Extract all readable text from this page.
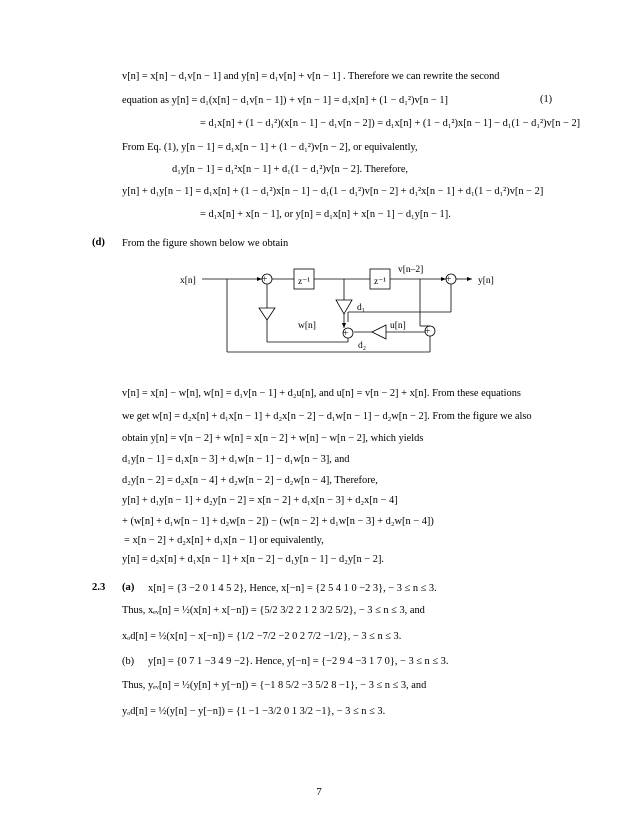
v[n] = x[n] − d₁v[n − 1] and y[n] = d₁v[n] + v[n − 1] . Therefore we can rewrite the second
equation as y[n] = d₁(x[n] − d₁v[n − 1]) + v[n − 1] = d₁x[n] + (1 − d₁²)v[n − 1]	(1)
= d₁x[n] + (1 − d₁²)(x[n − 1] − d₁v[n − 2]) = d₁x[n] + (1 − d₁²)x[n − 1] − d₁(1 − d₁²)v[n − 2]
From Eq. (1), y[n − 1] = d₁x[n − 1] + (1 − d₁²)v[n − 2], or equivalently,
d₁y[n − 1] = d₁²x[n − 1] + d₁(1 − d₁²)v[n − 2]. Therefore,
y[n] + d₁y[n − 1] = d₁x[n] + (1 − d₁²)x[n − 1] − d₁(1 − d₁²)v[n − 2] + d₁²x[n − 1] + d₁(1 − d₁²)v[n − 2]
= d₁x[n] + x[n − 1], or y[n] = d₁x[n] + x[n − 1] − d₁y[n − 1].
(d) From the figure shown below we obtain
x[n]	y[n]
z⁻¹	z⁻¹
v[n–2]
w[n]	u[n]
d₁
d₂
+	+
+	+
v[n] = x[n] − w[n], w[n] = d₁v[n − 1] + d₂u[n], and u[n] = v[n − 2] + x[n]. From these equations
we get w[n] = d₂x[n] + d₁x[n − 1] + d₂x[n − 2] − d₁w[n − 1] − d₂w[n − 2]. From the figure we also
obtain y[n] = v[n − 2] + w[n] = x[n − 2] + w[n] − w[n − 2], which yields
d₁y[n − 1] = d₁x[n − 3] + d₁w[n − 1] − d₁w[n − 3], and
d₂y[n − 2] = d₂x[n − 4] + d₂w[n − 2] − d₂w[n − 4], Therefore,
y[n] + d₁y[n − 1] + d₂y[n − 2] = x[n − 2] + d₁x[n − 3] + d₂x[n − 4]
+ (w[n] + d₁w[n − 1] + d₂w[n − 2]) − (w[n − 2] + d₁w[n − 3] + d₂w[n − 4])
= x[n − 2] + d₂x[n] + d₁x[n − 1] or equivalently,
y[n] = d₂x[n] + d₁x[n − 1] + x[n − 2] − d₁y[n − 1] − d₂y[n − 2].
2.3 (a) x[n] = {3 −2 0 1 4 5 2}, Hence, x[−n] = {2 5 4 1 0 −2 3}, − 3 ≤ n ≤ 3.
Thus, xₑᵥ[n] = ½(x[n] + x[−n]) = {5/2 3/2 2 1 2 3/2 5/2}, − 3 ≤ n ≤ 3, and
xₒd[n] = ½(x[n] − x[−n]) = {1/2 −7/2 −2 0 2 7/2 −1/2}, − 3 ≤ n ≤ 3.
(b) y[n] = {0 7 1 −3 4 9 −2}. Hence, y[−n] = {−2 9 4 −3 1 7 0}, − 3 ≤ n ≤ 3.
Thus, yₑᵥ[n] = ½(y[n] + y[−n]) = {−1 8 5/2 −3 5/2 8 −1}, − 3 ≤ n ≤ 3, and
yₒd[n] = ½(y[n] − y[−n]) = {1 −1 −3/2 0 1 3/2 −1}, − 3 ≤ n ≤ 3.
7
